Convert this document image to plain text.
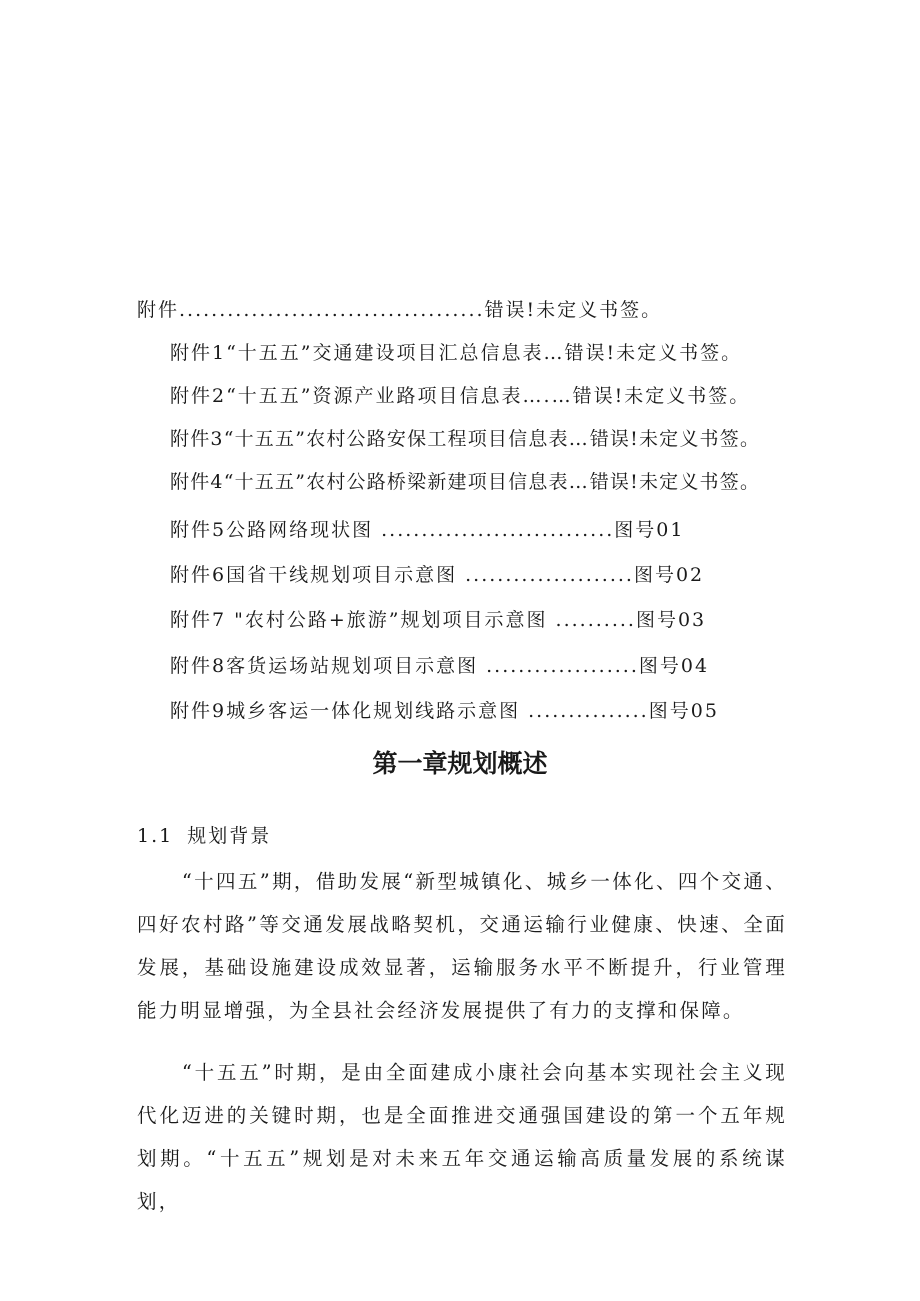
附件......................................错误!未定义书签。
附件1“十五五”交通建设项目汇总信息表…错误!未定义书签。
附件2“十五五”资源产业路项目信息表….…错误!未定义书签。
附件3“十五五”农村公路安保工程项目信息表…错误!未定义书签。
附件4“十五五”农村公路桥梁新建项目信息表…错误!未定义书签。
附件5公路网络现状图 .............................图号01
附件6国省干线规划项目示意图 .....................图号02
附件7 "农村公路+旅游”规划项目示意图 ..........图号03
附件8客货运场站规划项目示意图 ...................图号04
附件9城乡客运一体化规划线路示意图 ...............图号05
第一章规划概述
1.1 规划背景

“十四五”期，借助发展“新型城镇化、城乡一体化、四个交通、四好农村路”等交通发展战略契机，交通运输行业健康、快速、全面发展，基础设施建设成效显著，运输服务水平不断提升，行业管理能力明显增强，为全县社会经济发展提供了有力的支撑和保障。

“十五五”时期，是由全面建成小康社会向基本实现社会主义现代化迈进的关键时期，也是全面推进交通强国建设的第一个五年规划期。“十五五”规划是对未来五年交通运输高质量发展的系统谋划，
